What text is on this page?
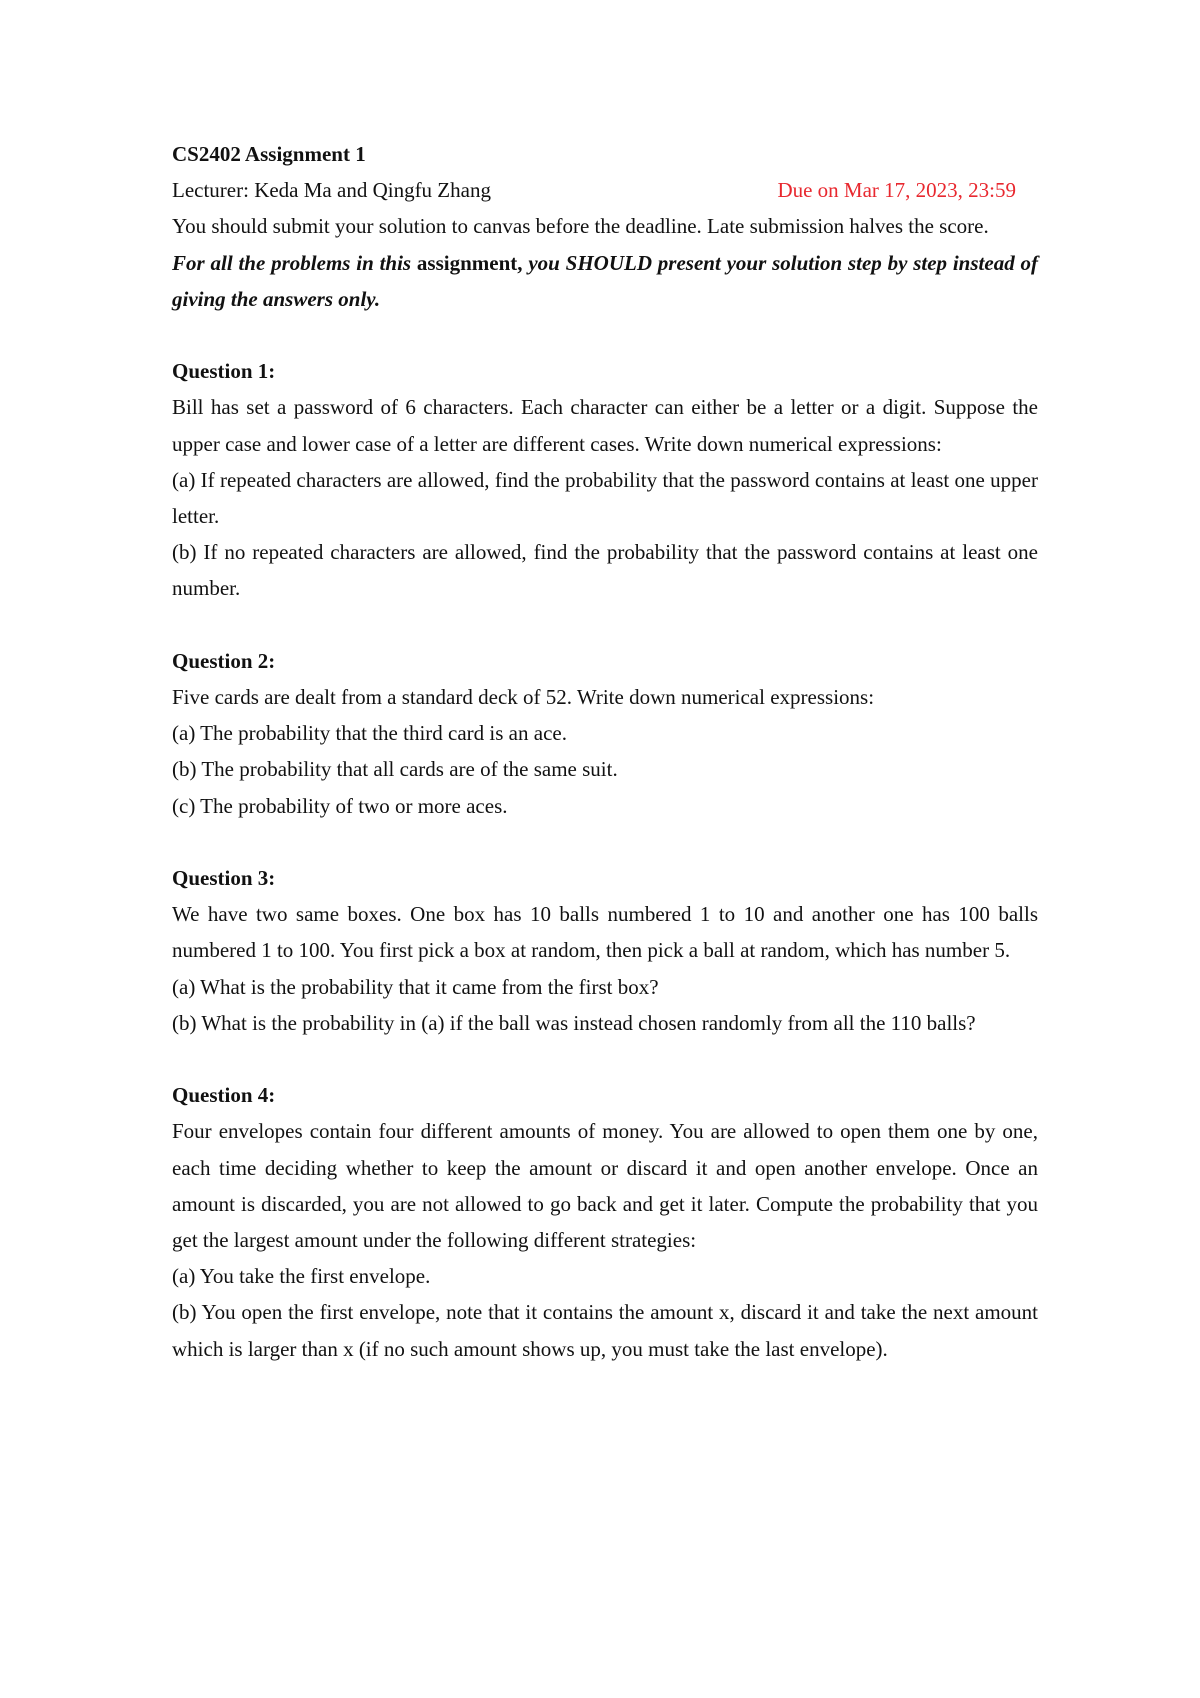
CS2402 Assignment 1
Lecturer: Keda Ma and Qingfu Zhang	Due on Mar 17, 2023, 23:59
You should submit your solution to canvas before the deadline. Late submission halves the score.
For all the problems in this assignment, you SHOULD present your solution step by step instead of giving the answers only.
Question 1:
Bill has set a password of 6 characters. Each character can either be a letter or a digit. Suppose the upper case and lower case of a letter are different cases. Write down numerical expressions:
(a) If repeated characters are allowed, find the probability that the password contains at least one upper letter.
(b) If no repeated characters are allowed, find the probability that the password contains at least one number.
Question 2:
Five cards are dealt from a standard deck of 52. Write down numerical expressions:
(a) The probability that the third card is an ace.
(b) The probability that all cards are of the same suit.
(c) The probability of two or more aces.
Question 3:
We have two same boxes. One box has 10 balls numbered 1 to 10 and another one has 100 balls numbered 1 to 100. You first pick a box at random, then pick a ball at random, which has number 5.
(a) What is the probability that it came from the first box?
(b) What is the probability in (a) if the ball was instead chosen randomly from all the 110 balls?
Question 4:
Four envelopes contain four different amounts of money. You are allowed to open them one by one, each time deciding whether to keep the amount or discard it and open another envelope. Once an amount is discarded, you are not allowed to go back and get it later. Compute the probability that you get the largest amount under the following different strategies:
(a) You take the first envelope.
(b) You open the first envelope, note that it contains the amount x, discard it and take the next amount which is larger than x (if no such amount shows up, you must take the last envelope).
